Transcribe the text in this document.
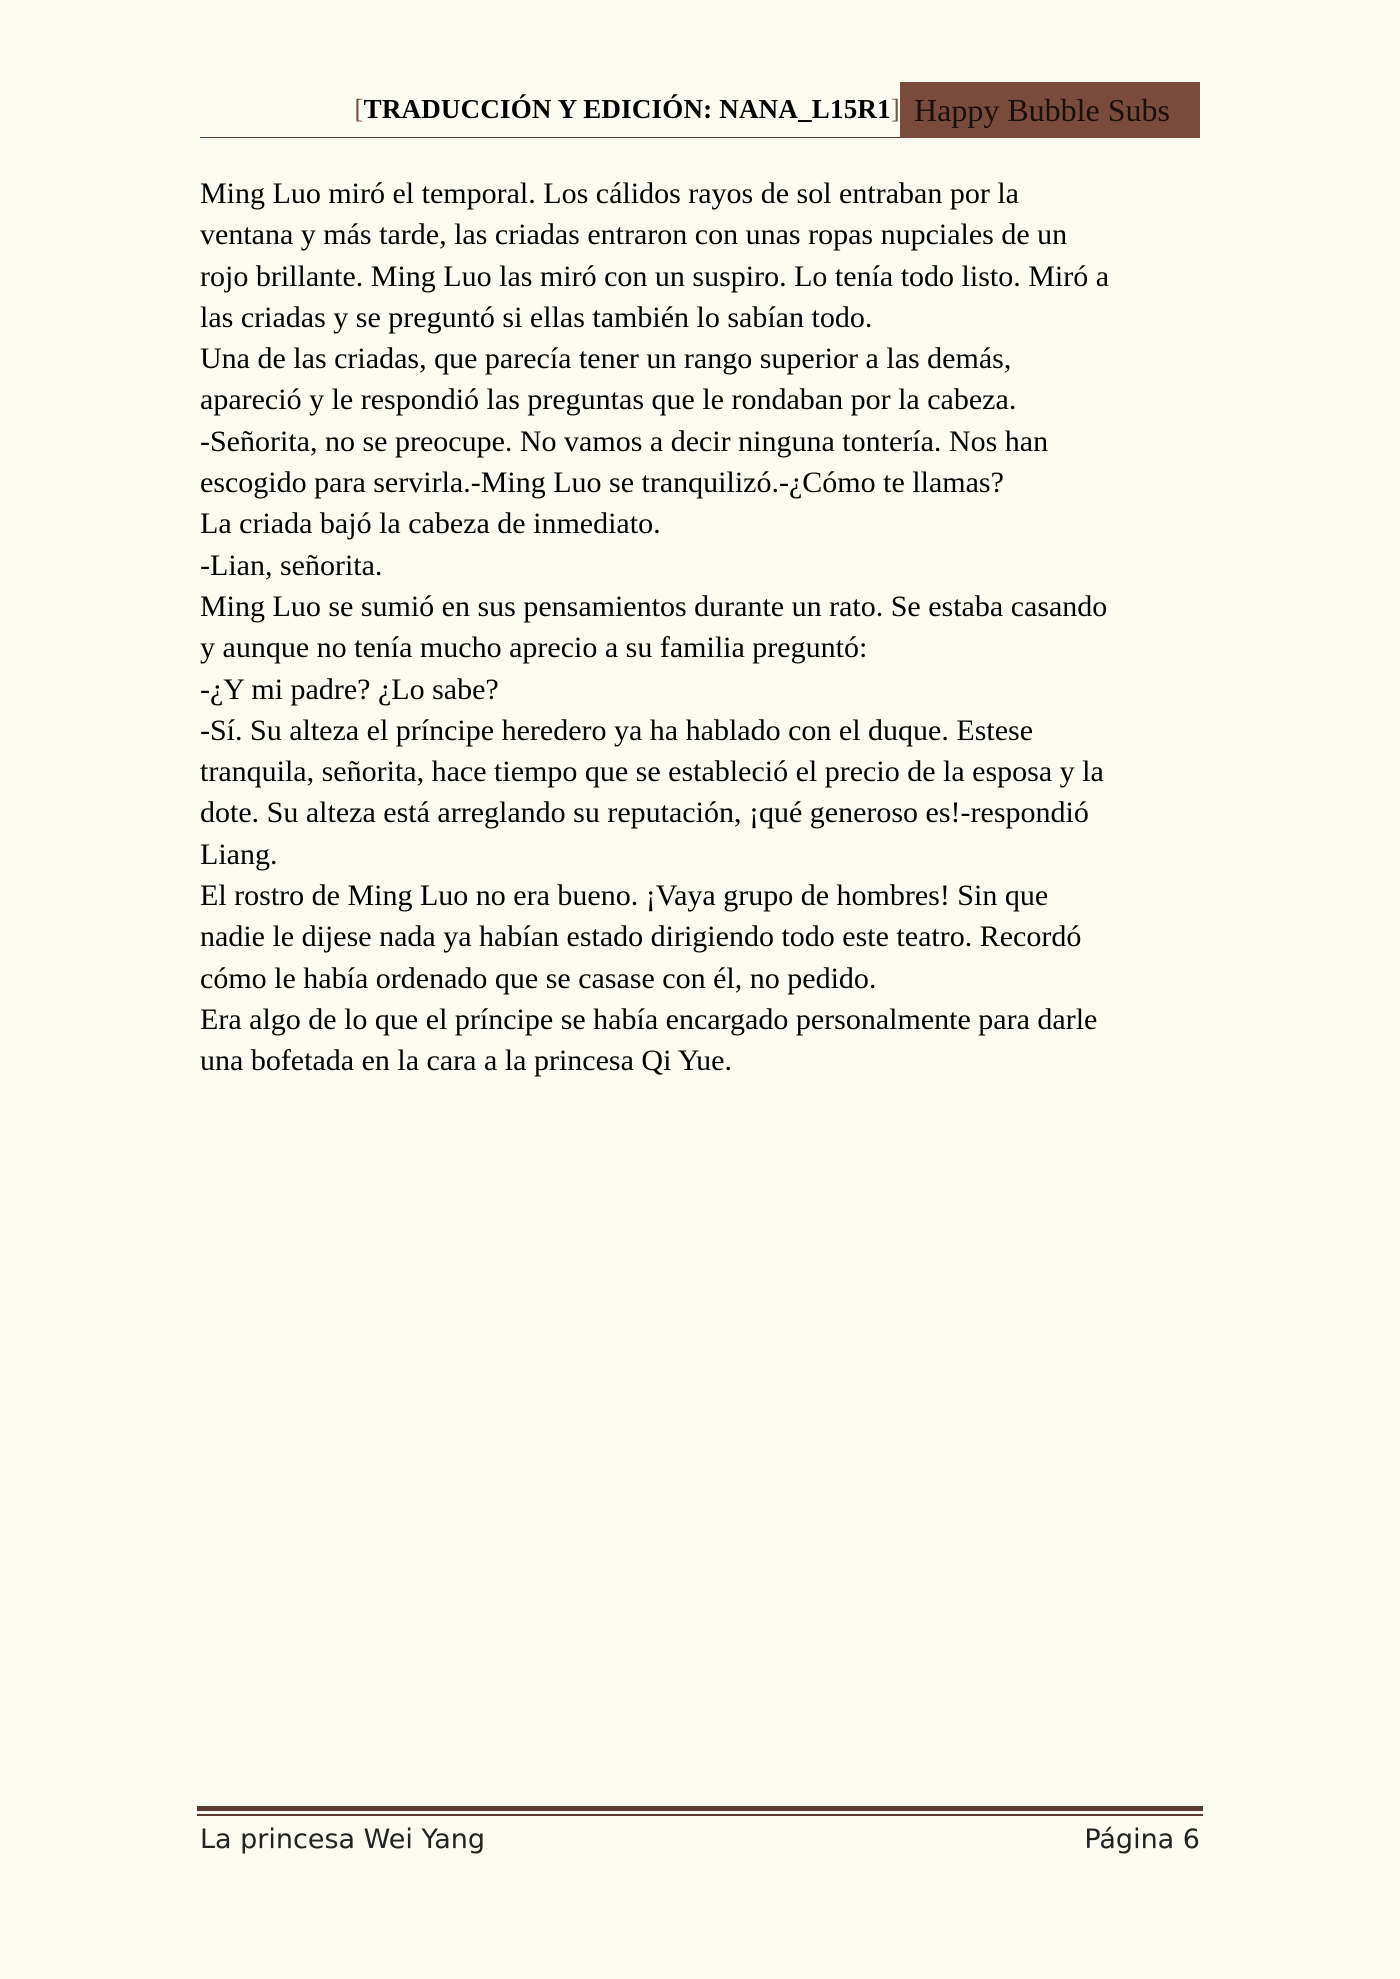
[TRADUCCIÓN Y EDICIÓN: NANA_L15R1] Happy Bubble Subs

Ming Luo miró el temporal. Los cálidos rayos de sol entraban por la

ventana y más tarde, las criadas entraron con unas ropas nupciales de un

rojo brillante. Ming Luo las miró con un suspiro. Lo tenía todo listo. Miró a

las criadas y se preguntó si ellas también lo sabían todo.

Una de las criadas, que parecía tener un rango superior a las demás,

apareció y le respondió las preguntas que le rondaban por la cabeza.

-Señorita, no se preocupe. No vamos a decir ninguna tontería. Nos han

escogido para servirla.-Ming Luo se tranquilizó.-¿Cómo te llamas?

La criada bajó la cabeza de inmediato.

-Lian, señorita.

Ming Luo se sumió en sus pensamientos durante un rato. Se estaba casando

y aunque no tenía mucho aprecio a su familia preguntó:

-¿Y mi padre? ¿Lo sabe?

-Sí. Su alteza el príncipe heredero ya ha hablado con el duque. Estese

tranquila, señorita, hace tiempo que se estableció el precio de la esposa y la

dote. Su alteza está arreglando su reputación, ¡qué generoso es!-respondió

Liang.

El rostro de Ming Luo no era bueno. ¡Vaya grupo de hombres! Sin que

nadie le dijese nada ya habían estado dirigiendo todo este teatro. Recordó

cómo le había ordenado que se casase con él, no pedido.

Era algo de lo que el príncipe se había encargado personalmente para darle

una bofetada en la cara a la princesa Qi Yue.

La princesa Wei Yang	Página 6
